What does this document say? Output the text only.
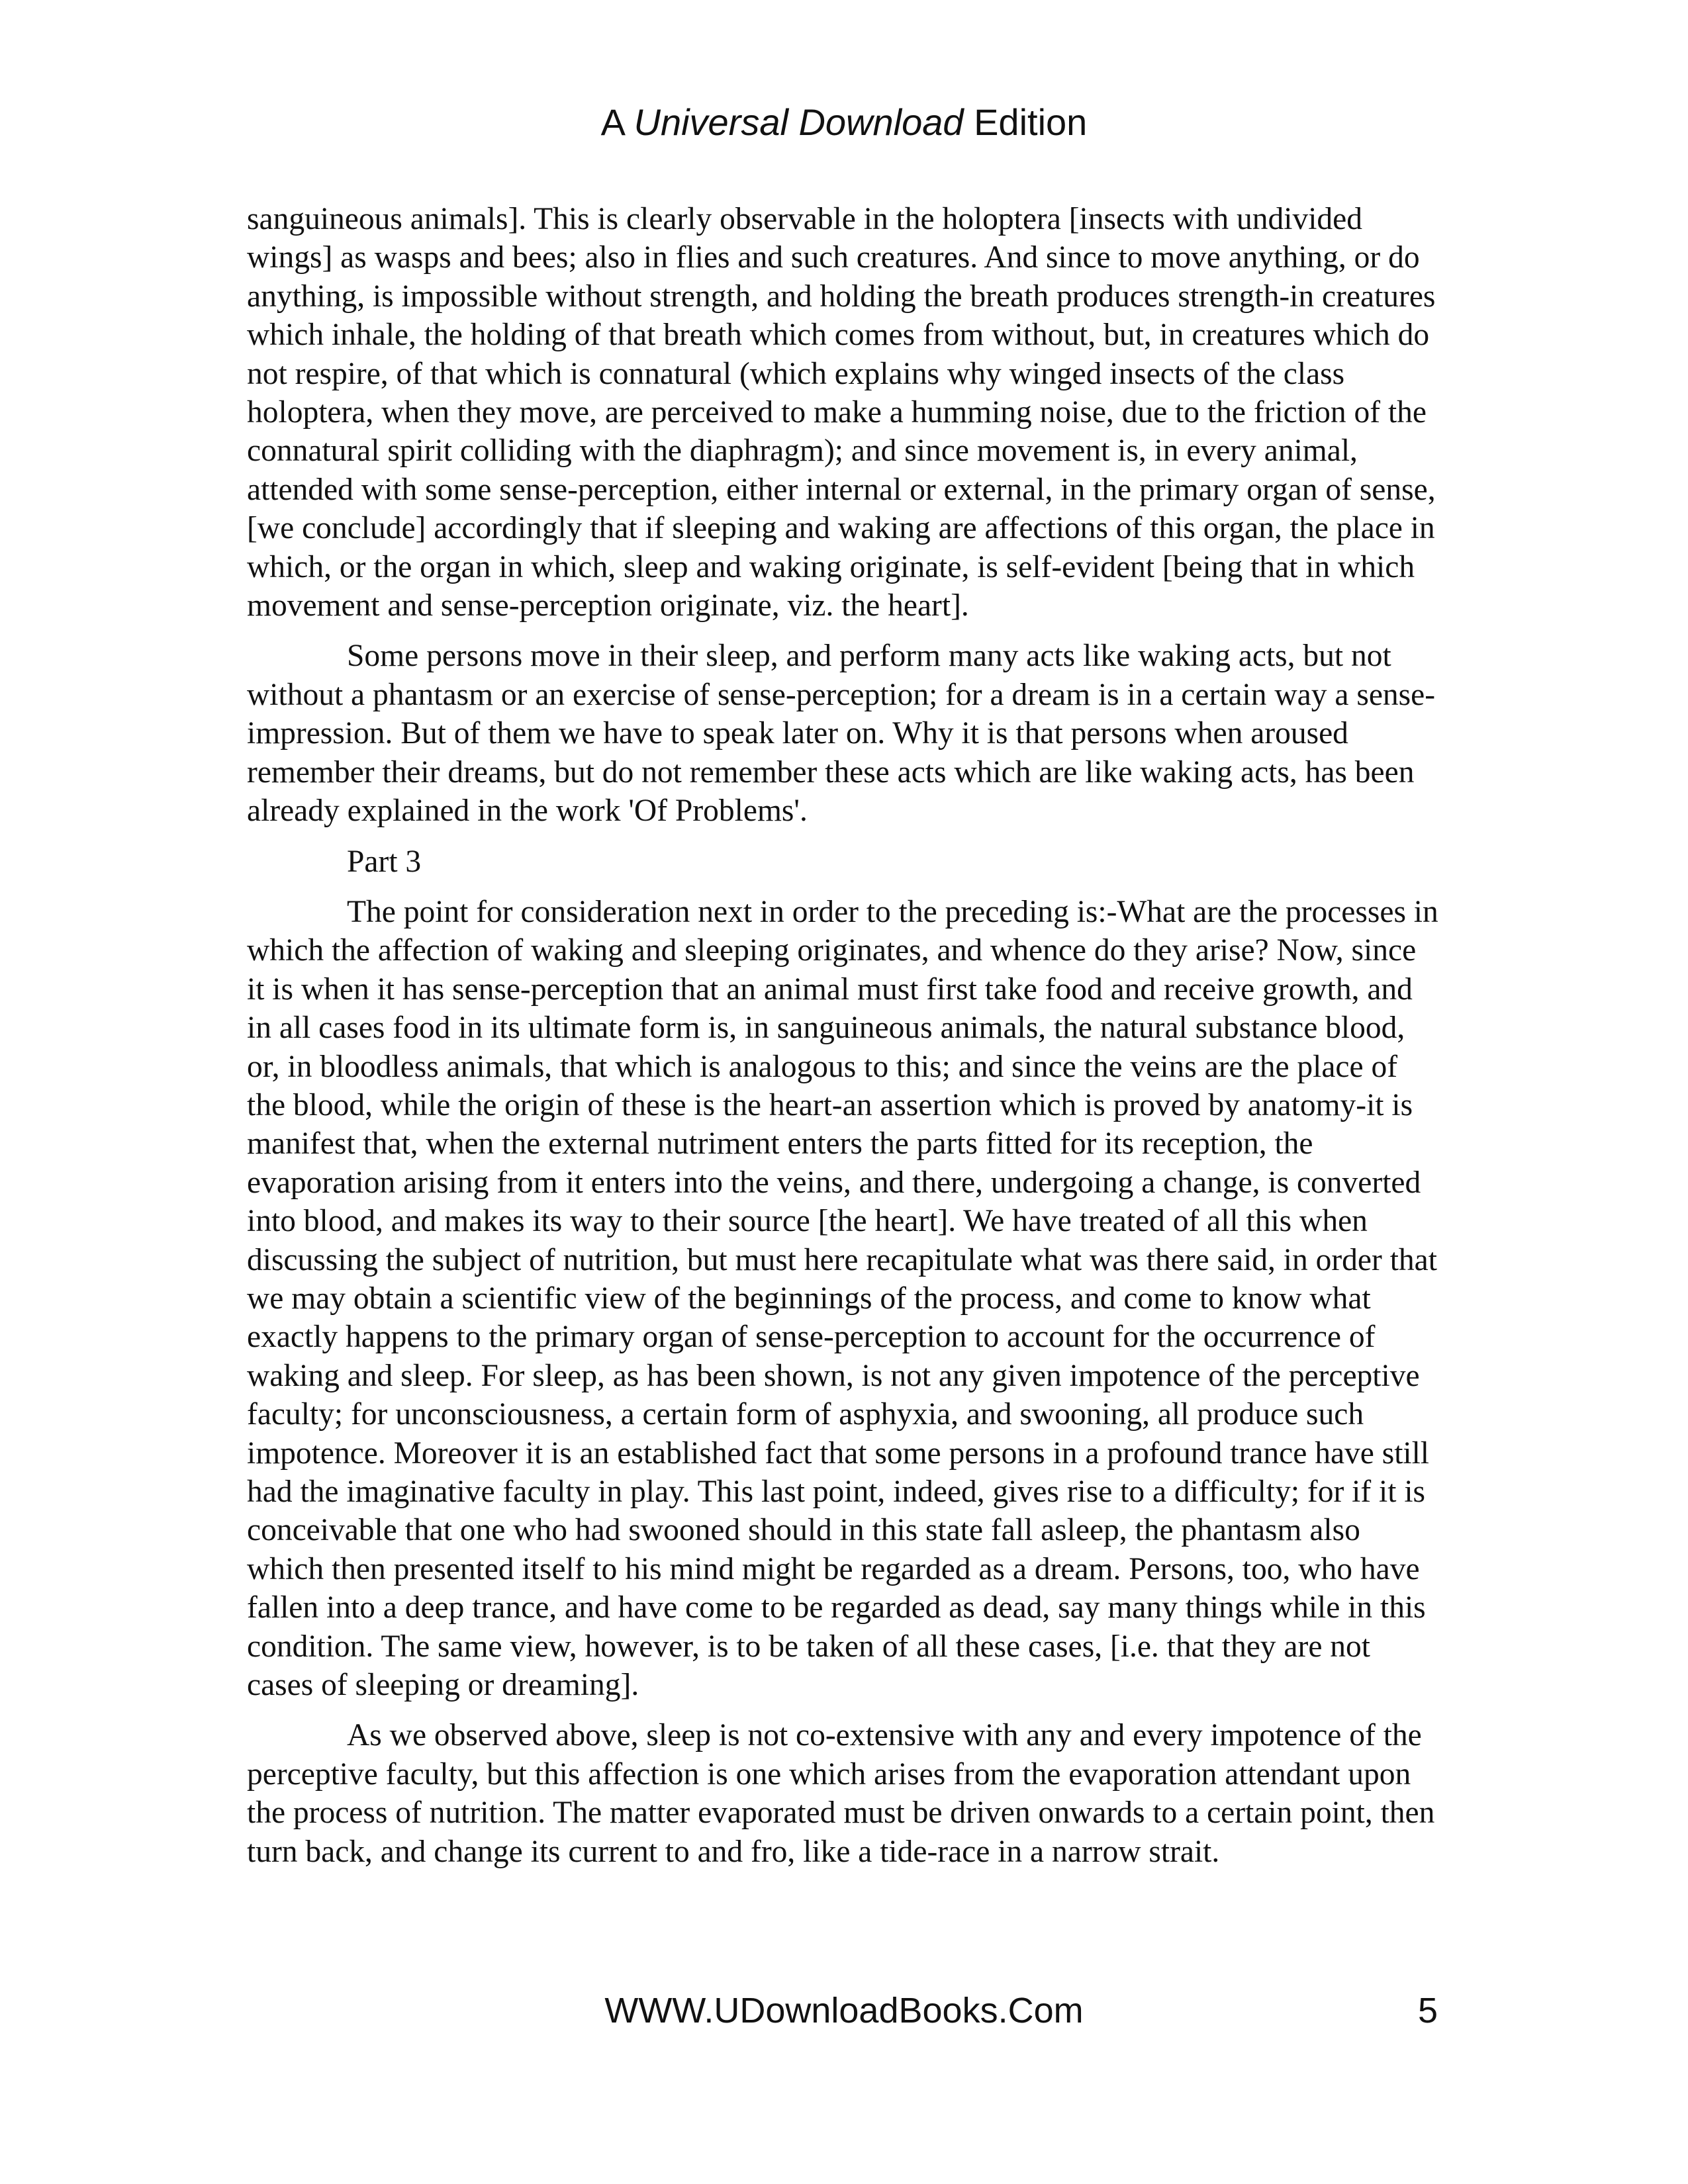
A Universal Download Edition

sanguineous animals]. This is clearly observable in the holoptera [insects with undivided wings] as wasps and bees; also in flies and such creatures. And since to move anything, or do anything, is impossible without strength, and holding the breath produces strength-in creatures which inhale, the holding of that breath which comes from without, but, in creatures which do not respire, of that which is connatural (which explains why winged insects of the class holoptera, when they move, are perceived to make a humming noise, due to the friction of the connatural spirit colliding with the diaphragm); and since movement is, in every animal, attended with some sense-perception, either internal or external, in the primary organ of sense, [we conclude] accordingly that if sleeping and waking are affections of this organ, the place in which, or the organ in which, sleep and waking originate, is self-evident [being that in which movement and sense-perception originate, viz. the heart].

Some persons move in their sleep, and perform many acts like waking acts, but not without a phantasm or an exercise of sense-perception; for a dream is in a certain way a sense-impression. But of them we have to speak later on. Why it is that persons when aroused remember their dreams, but do not remember these acts which are like waking acts, has been already explained in the work 'Of Problems'.

Part 3

The point for consideration next in order to the preceding is:-What are the processes in which the affection of waking and sleeping originates, and whence do they arise? Now, since it is when it has sense-perception that an animal must first take food and receive growth, and in all cases food in its ultimate form is, in sanguineous animals, the natural substance blood, or, in bloodless animals, that which is analogous to this; and since the veins are the place of the blood, while the origin of these is the heart-an assertion which is proved by anatomy-it is manifest that, when the external nutriment enters the parts fitted for its reception, the evaporation arising from it enters into the veins, and there, undergoing a change, is converted into blood, and makes its way to their source [the heart]. We have treated of all this when discussing the subject of nutrition, but must here recapitulate what was there said, in order that we may obtain a scientific view of the beginnings of the process, and come to know what exactly happens to the primary organ of sense-perception to account for the occurrence of waking and sleep. For sleep, as has been shown, is not any given impotence of the perceptive faculty; for unconsciousness, a certain form of asphyxia, and swooning, all produce such impotence. Moreover it is an established fact that some persons in a profound trance have still had the imaginative faculty in play. This last point, indeed, gives rise to a difficulty; for if it is conceivable that one who had swooned should in this state fall asleep, the phantasm also which then presented itself to his mind might be regarded as a dream. Persons, too, who have fallen into a deep trance, and have come to be regarded as dead, say many things while in this condition. The same view, however, is to be taken of all these cases, [i.e. that they are not cases of sleeping or dreaming].

As we observed above, sleep is not co-extensive with any and every impotence of the perceptive faculty, but this affection is one which arises from the evaporation attendant upon the process of nutrition. The matter evaporated must be driven onwards to a certain point, then turn back, and change its current to and fro, like a tide-race in a narrow strait.

WWW.UDownloadBooks.Com	5
